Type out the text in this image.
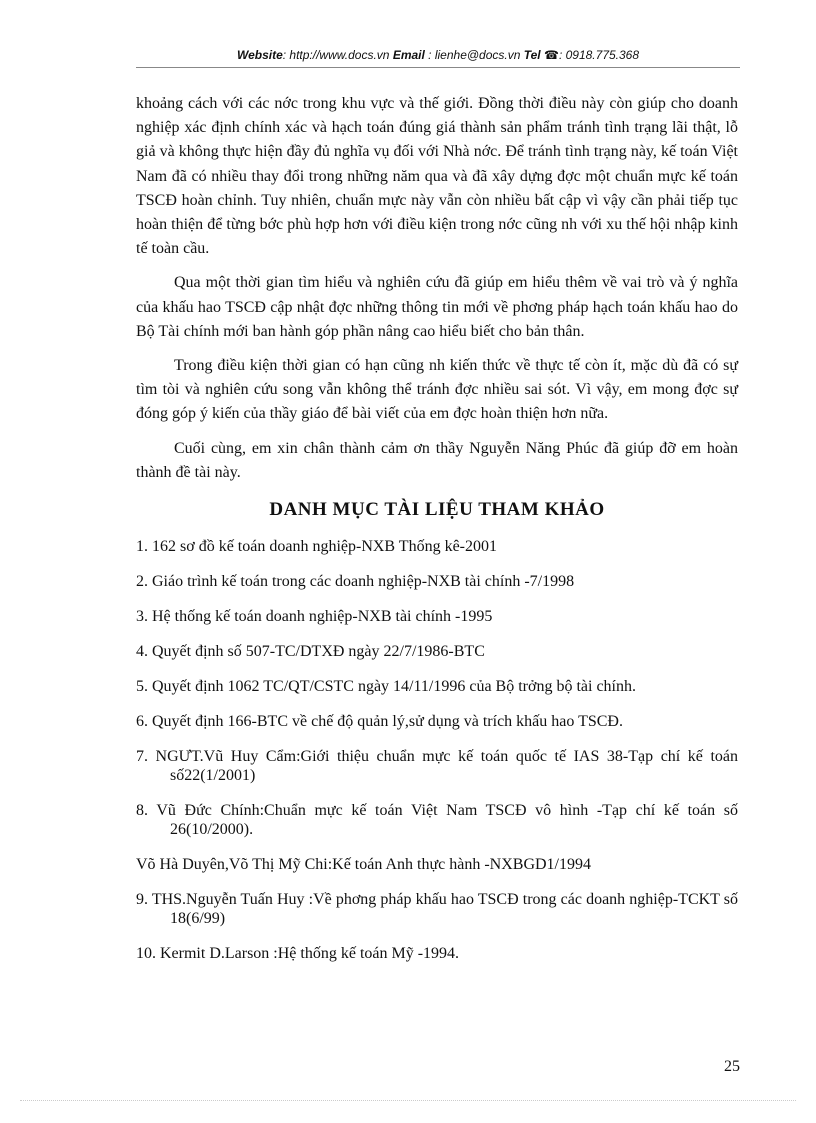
Website: http://www.docs.vn Email : lienhe@docs.vn Tel ☎: 0918.775.368

khoảng cách với các nớc trong khu vực và thế giới. Đồng thời điều này còn giúp cho doanh nghiệp xác định chính xác và hạch toán đúng giá thành sản phẩm tránh tình trạng lãi thật, lỗ giả và không thực hiện đầy đủ nghĩa vụ đối với Nhà nớc. Để tránh tình trạng này, kế toán Việt Nam đã có nhiều thay đổi trong những năm qua và đã xây dựng đợc một chuẩn mực kế toán TSCĐ hoàn chỉnh. Tuy nhiên, chuẩn mực này vẫn còn nhiều bất cập vì vậy cần phải tiếp tục hoàn thiện để từng bớc phù hợp hơn với điều kiện trong nớc cũng nh với xu thế hội nhập kinh tế toàn cầu.

Qua một thời gian tìm hiểu và nghiên cứu đã giúp em hiểu thêm về vai trò và ý nghĩa của khấu hao TSCĐ cập nhật đợc những thông tin mới về phơng pháp hạch toán khấu hao do Bộ Tài chính mới ban hành góp phần nâng cao hiểu biết cho bản thân.

Trong điều kiện thời gian có hạn cũng nh kiến thức về thực tế còn ít, mặc dù đã có sự tìm tòi và nghiên cứu song vẫn không thể tránh đợc nhiều sai sót. Vì vậy, em mong đợc sự đóng góp ý kiến của thầy giáo để bài viết của em đợc hoàn thiện hơn nữa.

Cuối cùng, em xin chân thành cảm ơn thầy Nguyễn Năng Phúc đã giúp đỡ em hoàn thành đề tài này.

DANH MỤC TÀI LIỆU THAM KHẢO
1. 162 sơ đồ kế toán doanh nghiệp-NXB Thống kê-2001
2. Giáo trình kế toán trong các doanh nghiệp-NXB tài chính -7/1998
3. Hệ thống kế toán doanh nghiệp-NXB tài chính -1995
4. Quyết định số 507-TC/DTXĐ ngày 22/7/1986-BTC
5. Quyết định 1062 TC/QT/CSTC ngày 14/11/1996 của Bộ trởng bộ tài chính.
6. Quyết định 166-BTC về chế độ quản lý,sử dụng và trích khấu hao TSCĐ.
7. NGƯT.Vũ Huy Cẩm:Giới thiệu chuẩn mực kế toán quốc tế IAS 38-Tạp chí kế toán số22(1/2001)
8. Vũ Đức Chính:Chuẩn mực kế toán Việt Nam TSCĐ vô hình -Tạp chí kế toán số 26(10/2000).
Võ Hà Duyên,Võ Thị Mỹ Chi:Kế toán Anh thực hành -NXBGD1/1994
9. THS.Nguyễn Tuấn Huy :Về phơng pháp khấu hao TSCĐ trong các doanh nghiệp-TCKT số 18(6/99)
10. Kermit D.Larson :Hệ thống kế toán Mỹ -1994.
25
